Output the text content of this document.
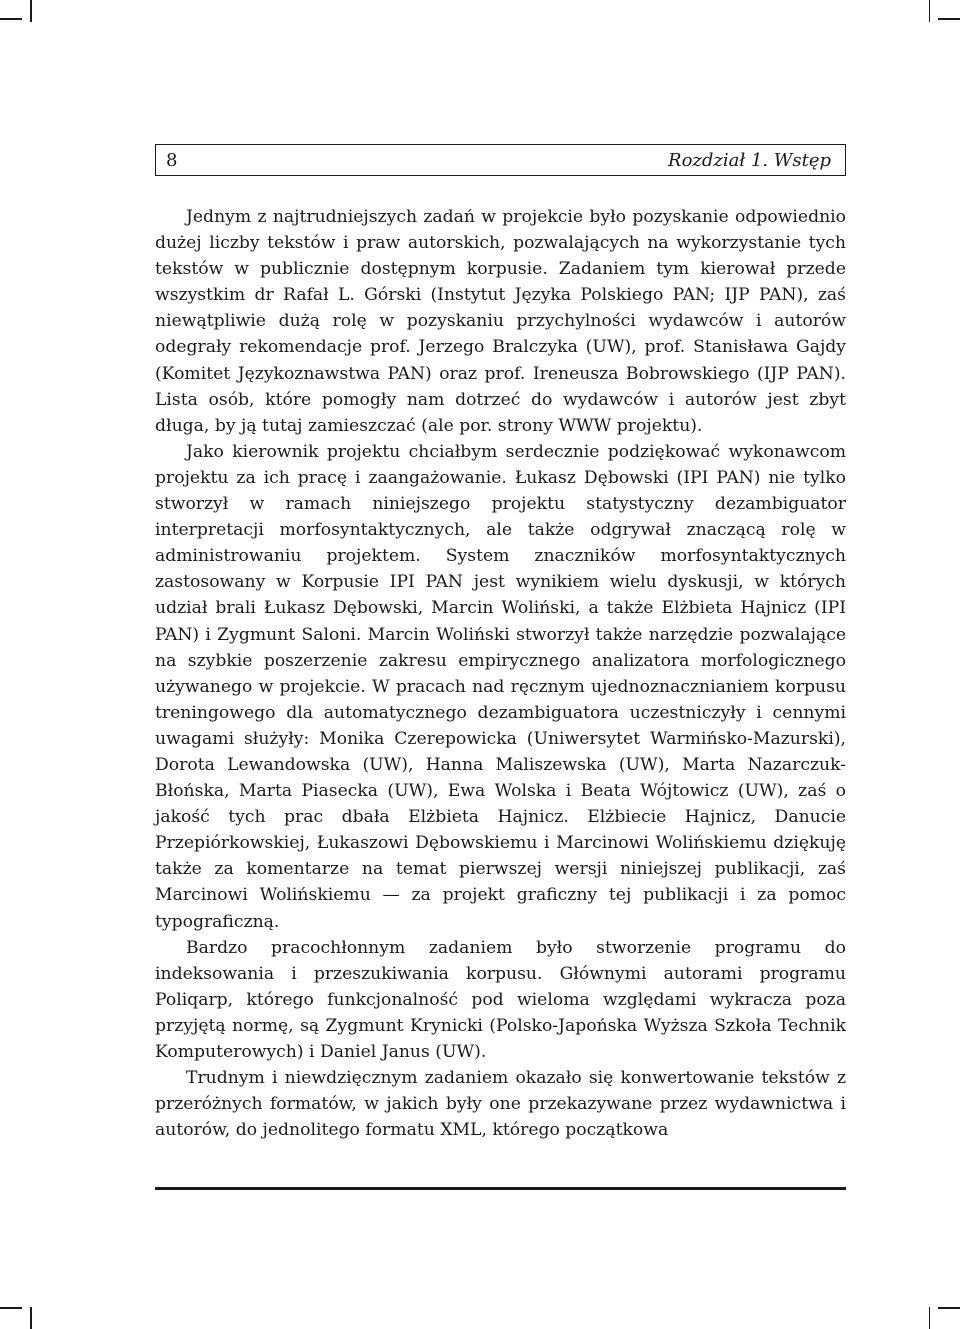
8	Rozdział 1. Wstęp

Jednym z najtrudniejszych zadań w projekcie było pozyskanie odpowiednio dużej liczby tekstów i praw autorskich, pozwalających na wykorzystanie tych tekstów w publicznie dostępnym korpusie. Zadaniem tym kierował przede wszystkim dr Rafał L. Górski (Instytut Języka Polskiego PAN; IJP PAN), zaś niewątpliwie dużą rolę w pozyskaniu przychylności wydawców i autorów odegrały rekomendacje prof. Jerzego Bralczyka (UW), prof. Stanisława Gajdy (Komitet Językoznawstwa PAN) oraz prof. Ireneusza Bobrowskiego (IJP PAN). Lista osób, które pomogły nam dotrzeć do wydawców i autorów jest zbyt długa, by ją tutaj zamieszczać (ale por. strony WWW projektu).

Jako kierownik projektu chciałbym serdecznie podziękować wykonawcom projektu za ich pracę i zaangażowanie. Łukasz Dębowski (IPI PAN) nie tylko stworzył w ramach niniejszego projektu statystyczny dezambiguator interpretacji morfosyntaktycznych, ale także odgrywał znaczącą rolę w administrowaniu projektem. System znaczników morfosyntaktycznych zastosowany w Korpusie IPI PAN jest wynikiem wielu dyskusji, w których udział brali Łukasz Dębowski, Marcin Woliński, a także Elżbieta Hajnicz (IPI PAN) i Zygmunt Saloni. Marcin Woliński stworzył także narzędzie pozwalające na szybkie poszerzenie zakresu empirycznego analizatora morfologicznego używanego w projekcie. W pracach nad ręcznym ujednoznacznianiem korpusu treningowego dla automatycznego dezambiguatora uczestniczyły i cennymi uwagami służyły: Monika Czerepowicka (Uniwersytet Warmińsko-Mazurski), Dorota Lewandowska (UW), Hanna Maliszewska (UW), Marta Nazarczuk-Błońska, Marta Piasecka (UW), Ewa Wolska i Beata Wójtowicz (UW), zaś o jakość tych prac dbała Elżbieta Hajnicz. Elżbiecie Hajnicz, Danucie Przepiórkowskiej, Łukaszowi Dębowskiemu i Marcinowi Wolińskiemu dziękuję także za komentarze na temat pierwszej wersji niniejszej publikacji, zaś Marcinowi Wolińskiemu — za projekt graficzny tej publikacji i za pomoc typograficzną.

Bardzo pracochłonnym zadaniem było stworzenie programu do indeksowania i przeszukiwania korpusu. Głównymi autorami programu Poliqarp, którego funkcjonalność pod wieloma względami wykracza poza przyjętą normę, są Zygmunt Krynicki (Polsko-Japońska Wyższa Szkoła Technik Komputerowych) i Daniel Janus (UW).

Trudnym i niewdzięcznym zadaniem okazało się konwertowanie tekstów z przeróżnych formatów, w jakich były one przekazywane przez wydawnictwa i autorów, do jednolitego formatu XML, którego początkowa
